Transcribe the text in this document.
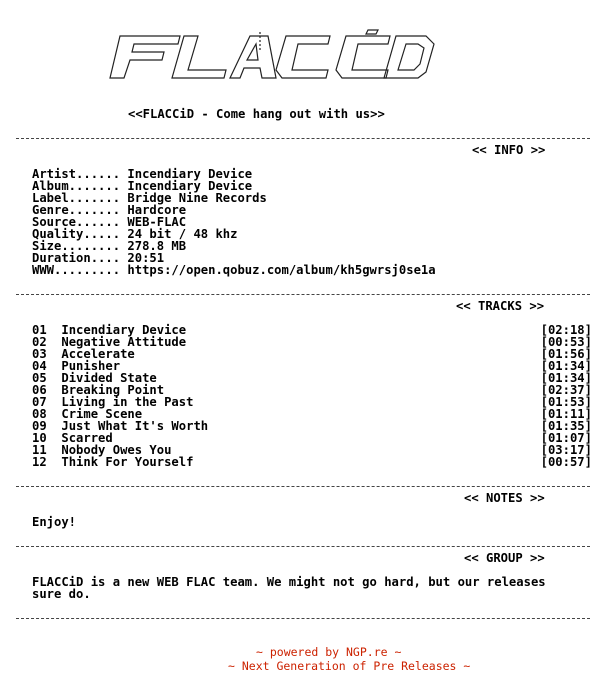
<<FLACCiD - Come hang out with us>>
<< INFO >>
Artist...... Incendiary Device
Album....... Incendiary Device
Label....... Bridge Nine Records
Genre....... Hardcore
Source...... WEB-FLAC
Quality..... 24 bit / 48 khz
Size........ 278.8 MB
Duration.... 20:51
WWW......... https://open.qobuz.com/album/kh5gwrsj0se1a
<< TRACKS >>
01 Incendiary Device	[02:18]
02 Negative Attitude	[00:53]
03 Accelerate	[01:56]
04 Punisher	[01:34]
05 Divided State	[01:34]
06 Breaking Point	[02:37]
07 Living in the Past	[01:53]
08 Crime Scene	[01:11]
09 Just What It's Worth	[01:35]
10 Scarred	[01:07]
11 Nobody Owes You	[03:17]
12 Think For Yourself	[00:57]
<< NOTES >>
Enjoy!
<< GROUP >>
FLACCiD is a new WEB FLAC team. We might not go hard, but our releases
sure do.
~ powered by NGP.re ~
~ Next Generation of Pre Releases ~
